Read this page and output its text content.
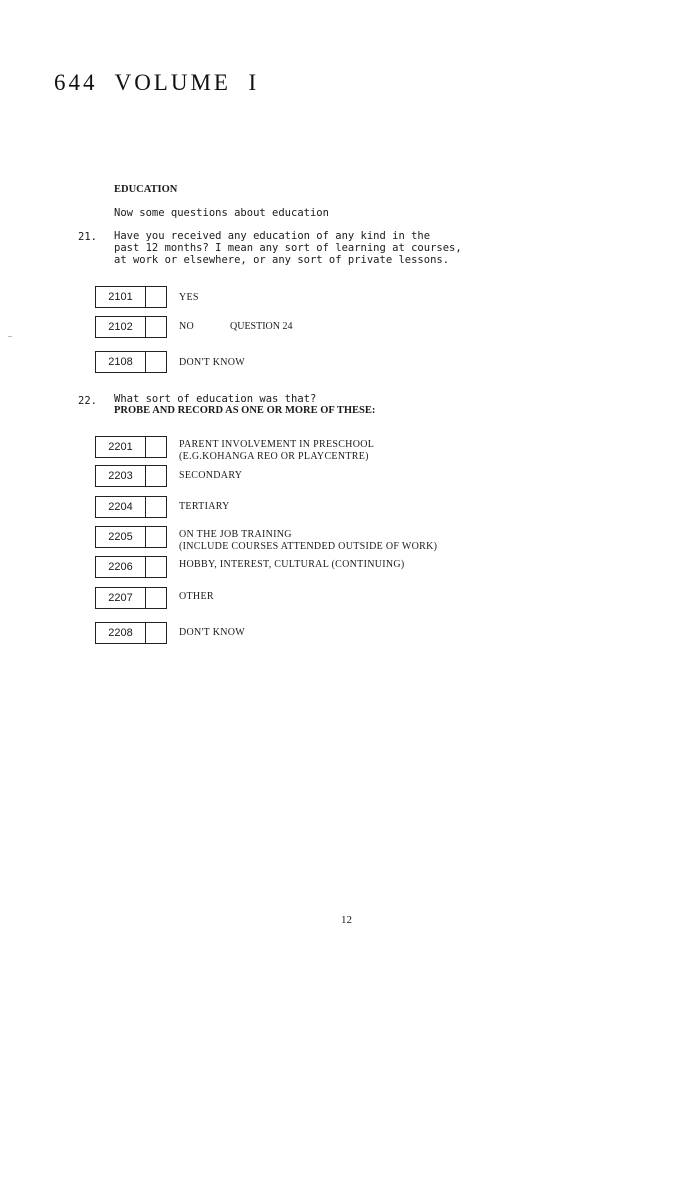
644  VOLUME  I
EDUCATION
Now some questions about education
21. Have you received any education of any kind in the
past 12 months? I mean any sort of learning at courses,
at work or elsewhere, or any sort of private lessons.
2101	YES
2102	NO	QUESTION 24
2108	DON'T KNOW
22. What sort of education was that?
PROBE AND RECORD AS ONE OR MORE OF THESE:
2201	PARENT INVOLVEMENT IN PRESCHOOL
(E.G.KOHANGA REO OR PLAYCENTRE)
2203	SECONDARY
2204	TERTIARY
2205	ON THE JOB TRAINING
(INCLUDE COURSES ATTENDED OUTSIDE OF WORK)
2206	HOBBY, INTEREST, CULTURAL (CONTINUING)
2207	OTHER
2208	DON'T KNOW
12
